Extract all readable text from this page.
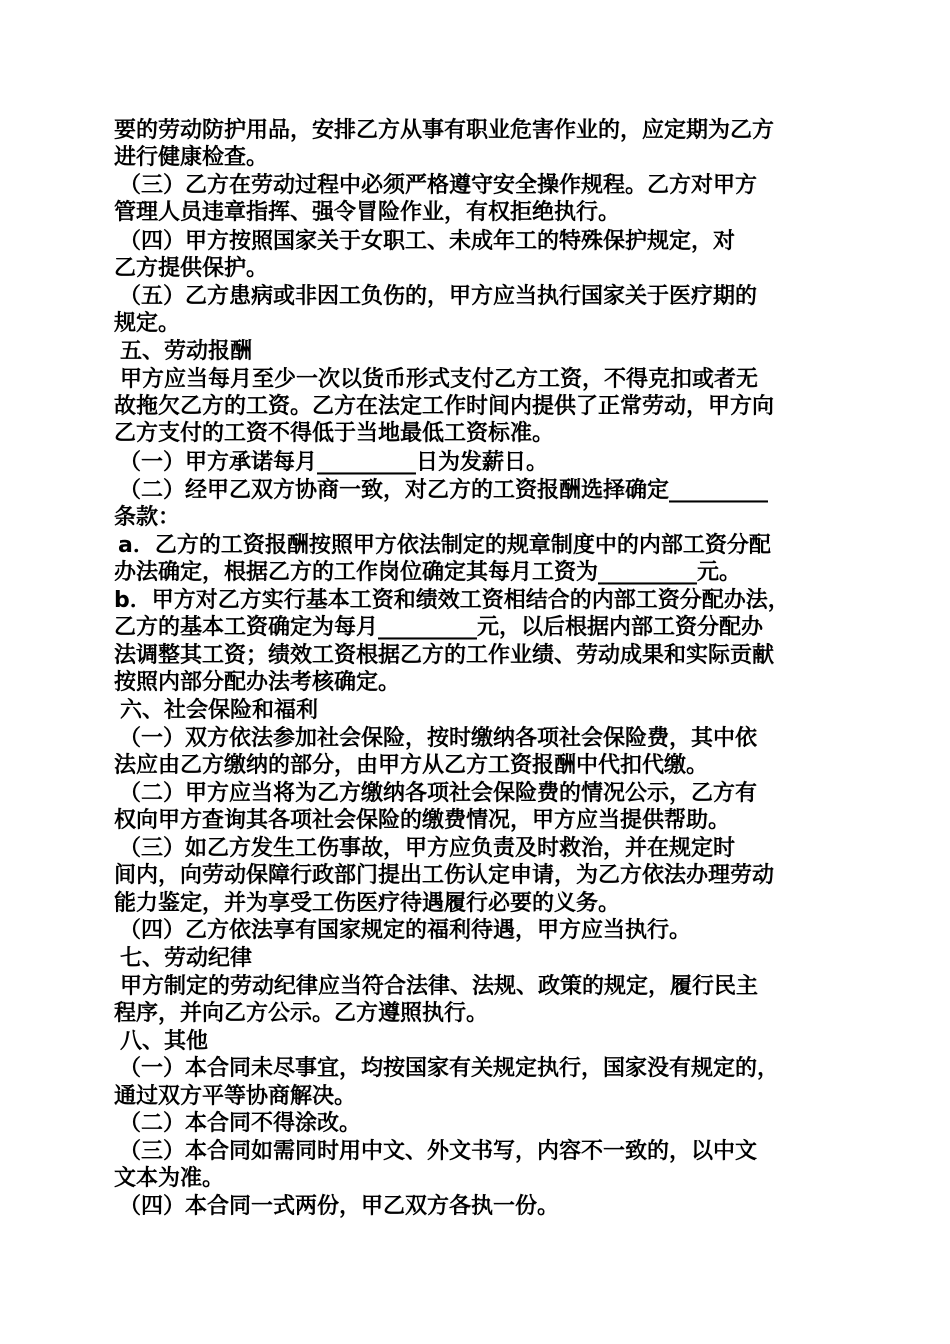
要的劳动防护用品，安排乙方从事有职业危害作业的，应定期为乙方
进行健康检查。
（三）乙方在劳动过程中必须严格遵守安全操作规程。乙方对甲方
管理人员违章指挥、强令冒险作业，有权拒绝执行。
（四）甲方按照国家关于女职工、未成年工的特殊保护规定，对
乙方提供保护。
（五）乙方患病或非因工负伤的，甲方应当执行国家关于医疗期的
规定。
五、劳动报酬
甲方应当每月至少一次以货币形式支付乙方工资，不得克扣或者无
故拖欠乙方的工资。乙方在法定工作时间内提供了正常劳动，甲方向
乙方支付的工资不得低于当地最低工资标准。
（一）甲方承诺每月_________日为发薪日。
（二）经甲乙双方协商一致，对乙方的工资报酬选择确定_________
条款：
a．乙方的工资报酬按照甲方依法制定的规章制度中的内部工资分配
办法确定，根据乙方的工作岗位确定其每月工资为_________元。
b．甲方对乙方实行基本工资和绩效工资相结合的内部工资分配办法，
乙方的基本工资确定为每月_________元，以后根据内部工资分配办
法调整其工资；绩效工资根据乙方的工作业绩、劳动成果和实际贡献
按照内部分配办法考核确定。
六、社会保险和福利
（一）双方依法参加社会保险，按时缴纳各项社会保险费，其中依
法应由乙方缴纳的部分，由甲方从乙方工资报酬中代扣代缴。
（二）甲方应当将为乙方缴纳各项社会保险费的情况公示，乙方有
权向甲方查询其各项社会保险的缴费情况，甲方应当提供帮助。
（三）如乙方发生工伤事故，甲方应负责及时救治，并在规定时
间内，向劳动保障行政部门提出工伤认定申请，为乙方依法办理劳动
能力鉴定，并为享受工伤医疗待遇履行必要的义务。
（四）乙方依法享有国家规定的福利待遇，甲方应当执行。
七、劳动纪律
甲方制定的劳动纪律应当符合法律、法规、政策的规定，履行民主
程序，并向乙方公示。乙方遵照执行。
八、其他
（一）本合同未尽事宜，均按国家有关规定执行，国家没有规定的，
通过双方平等协商解决。
（二）本合同不得涂改。
（三）本合同如需同时用中文、外文书写，内容不一致的，以中文
文本为准。
（四）本合同一式两份，甲乙双方各执一份。
